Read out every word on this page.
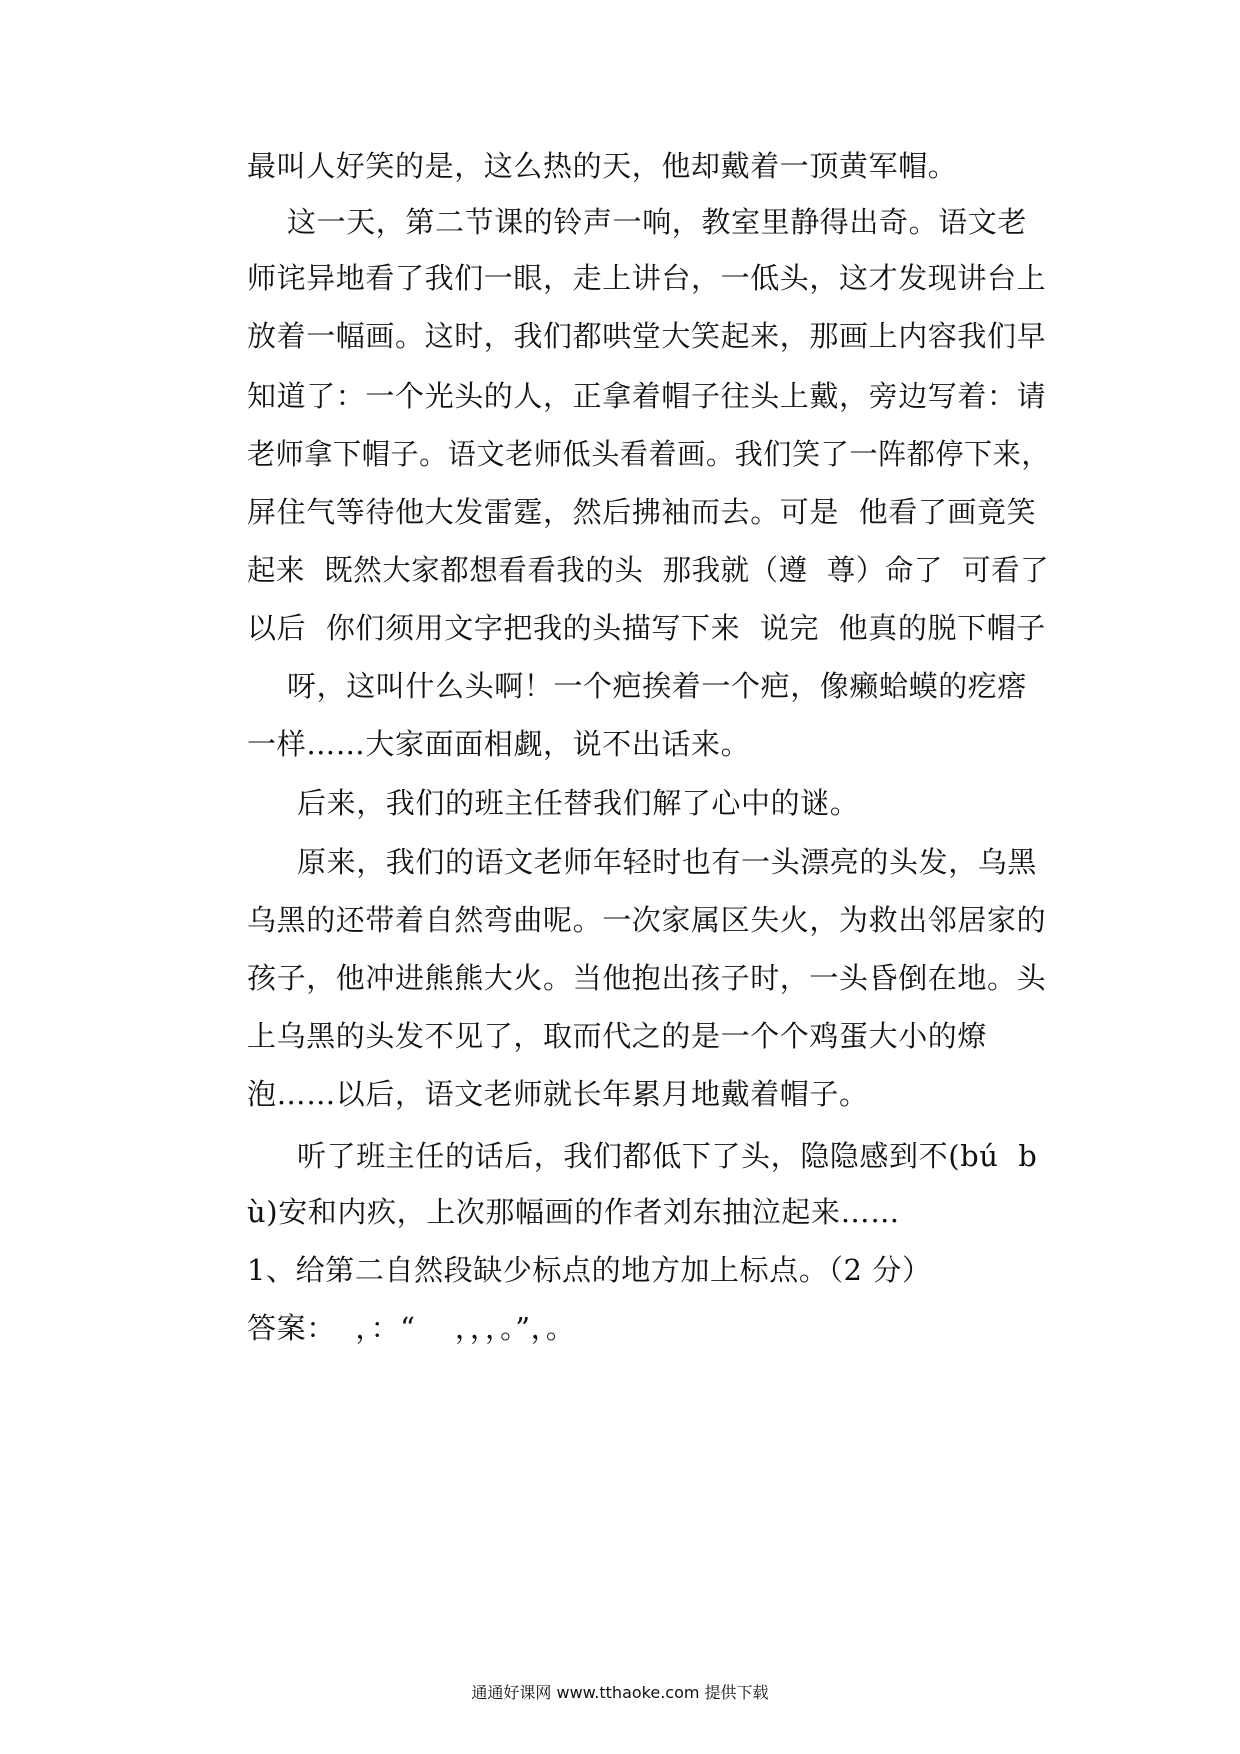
最叫人好笑的是，这么热的天，他却戴着一顶黄军帽。
这一天，第二节课的铃声一响，教室里静得出奇。语文老
师诧异地看了我们一眼，走上讲台，一低头，这才发现讲台上
放着一幅画。这时，我们都哄堂大笑起来，那画上内容我们早
知道了：一个光头的人，正拿着帽子往头上戴，旁边写着：请
老师拿下帽子。语文老师低头看着画。我们笑了一阵都停下来，
屏住气等待他大发雷霆，然后拂袖而去。可是  他看了画竟笑
起来  既然大家都想看看我的头  那我就（遵  尊）命了  可看了
以后  你们须用文字把我的头描写下来  说完  他真的脱下帽子
呀，这叫什么头啊！一个疤挨着一个疤，像癞蛤蟆的疙瘩
一样……大家面面相觑，说不出话来。
后来，我们的班主任替我们解了心中的谜。
原来，我们的语文老师年轻时也有一头漂亮的头发，乌黑
乌黑的还带着自然弯曲呢。一次家属区失火，为救出邻居家的
孩子，他冲进熊熊大火。当他抱出孩子时，一头昏倒在地。头
上乌黑的头发不见了，取而代之的是一个个鸡蛋大小的燎
泡……以后，语文老师就长年累月地戴着帽子。
听了班主任的话后，我们都低下了头，隐隐感到不(bú  b
ù)安和内疚，上次那幅画的作者刘东抽泣起来……
1、给第二自然段缺少标点的地方加上标点。（2 分）
答案：  ，：“    ，，，。”，。
通通好课网 www.tthaoke.com 提供下载
